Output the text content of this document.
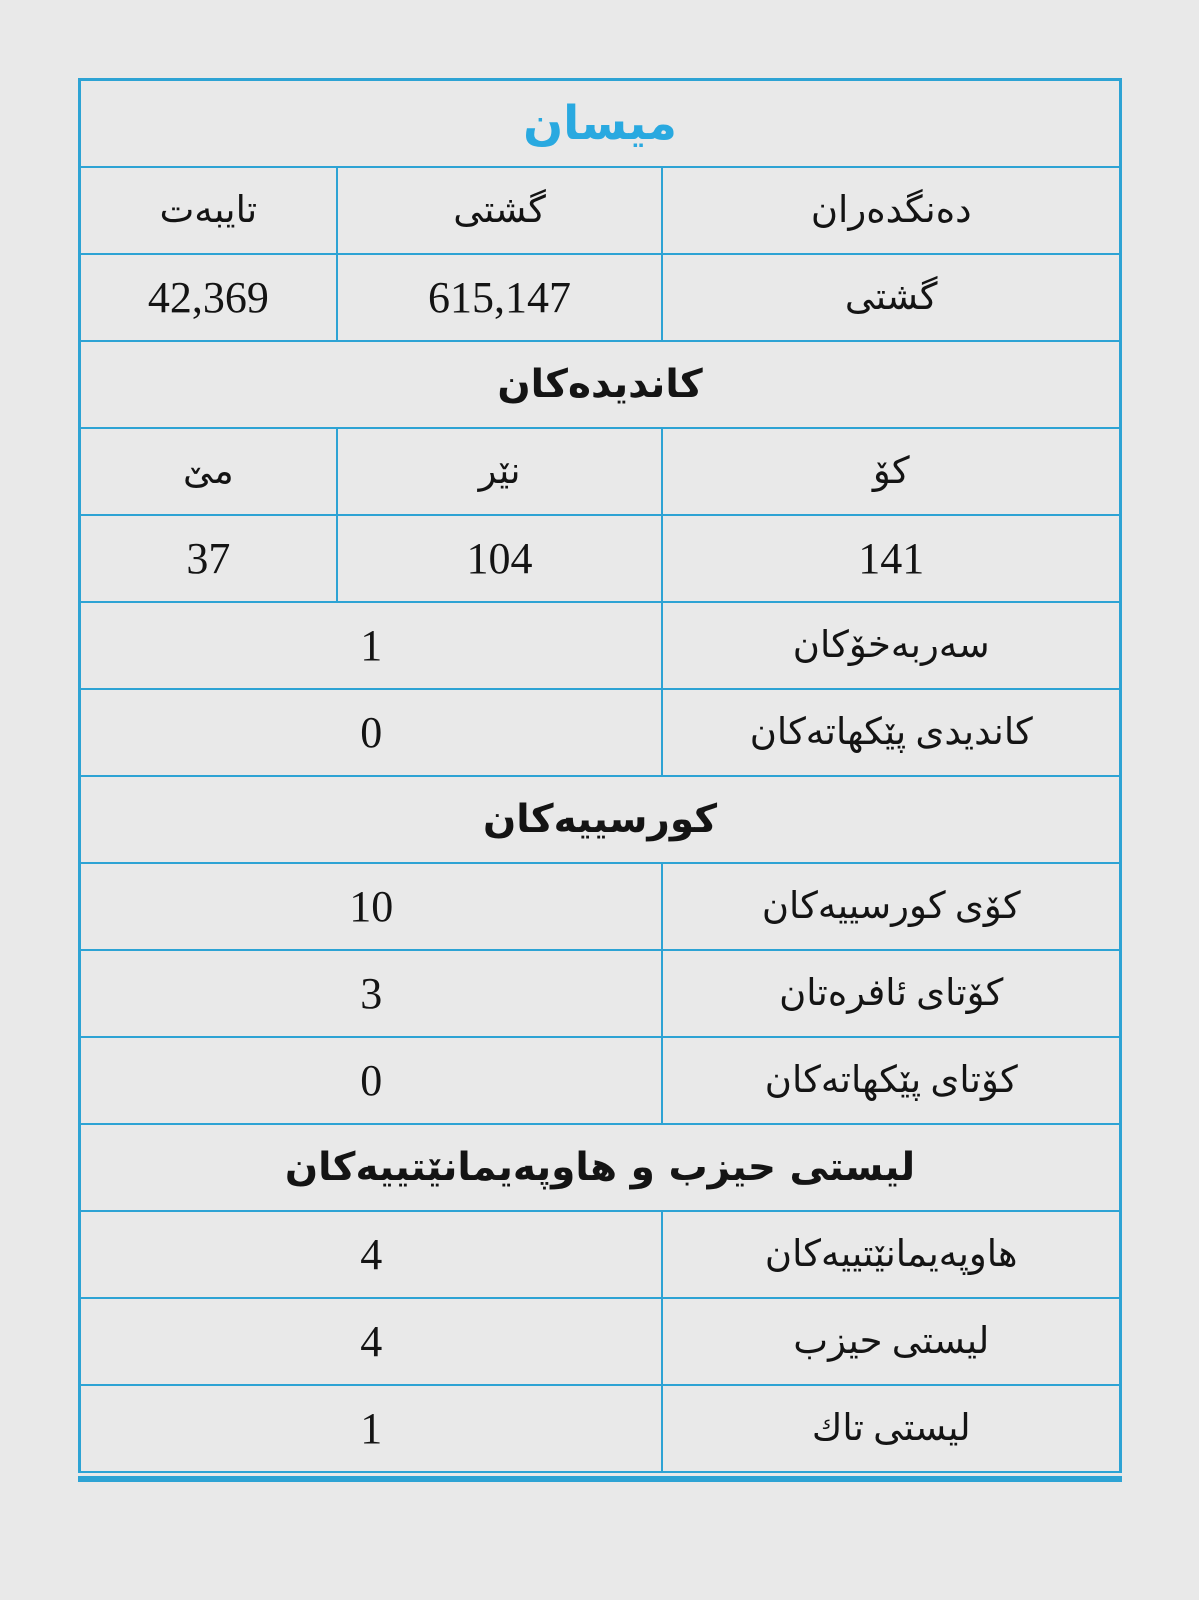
ميسان		
دەنگدەران	گشتی	تايبەت
گشتی	615,147	42,369
كانديدەكان		
كۆ	نێر	مێ
141	104	37
سەربەخۆكان	1	
كانديدی پێكهاتەكان	0	
كورسييەكان		
كۆی كورسييەكان	10	
كۆتای ئافرەتان	3	
كۆتای پێكهاتەكان	0	
ليستی حيزب و هاوپەيمانێتييەكان		
هاوپەيمانێتييەكان	4	
ليستی حيزب	4	
ليستی تاك	1	
